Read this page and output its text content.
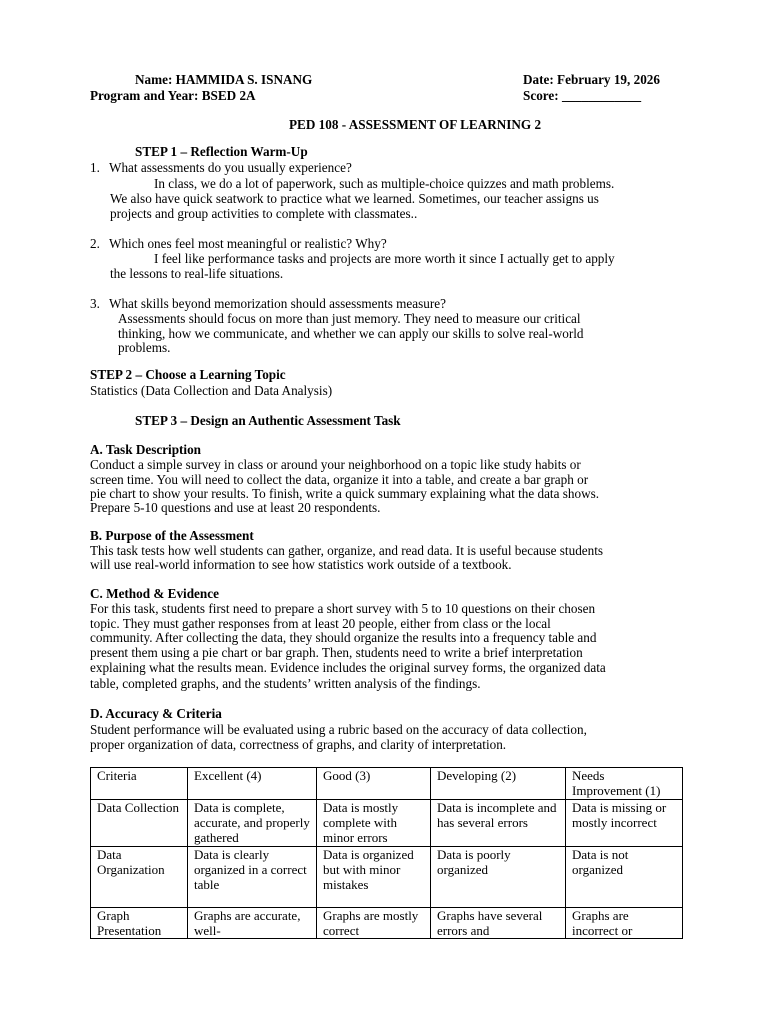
Name: HAMMIDA S. ISNANG	Date: February 19, 2026
Program and Year: BSED 2A	Score: ____________
PED 108 - ASSESSMENT OF LEARNING 2
STEP 1 – Reflection Warm-Up
1. What assessments do you usually experience?
In class, we do a lot of paperwork, such as multiple-choice quizzes and math problems.
We also have quick seatwork to practice what we learned. Sometimes, our teacher assigns us
projects and group activities to complete with classmates..
2. Which ones feel most meaningful or realistic? Why?
I feel like performance tasks and projects are more worth it since I actually get to apply
the lessons to real-life situations.
3. What skills beyond memorization should assessments measure?
Assessments should focus on more than just memory. They need to measure our critical
thinking, how we communicate, and whether we can apply our skills to solve real-world
problems.
STEP 2 – Choose a Learning Topic
Statistics (Data Collection and Data Analysis)
STEP 3 – Design an Authentic Assessment Task
A. Task Description
Conduct a simple survey in class or around your neighborhood on a topic like study habits or
screen time. You will need to collect the data, organize it into a table, and create a bar graph or
pie chart to show your results. To finish, write a quick summary explaining what the data shows.
Prepare 5-10 questions and use at least 20 respondents.
B. Purpose of the Assessment
This task tests how well students can gather, organize, and read data. It is useful because students
will use real-world information to see how statistics work outside of a textbook.
C. Method & Evidence
For this task, students first need to prepare a short survey with 5 to 10 questions on their chosen
topic. They must gather responses from at least 20 people, either from class or the local
community. After collecting the data, they should organize the results into a frequency table and
present them using a pie chart or bar graph. Then, students need to write a brief interpretation
explaining what the results mean. Evidence includes the original survey forms, the organized data
table, completed graphs, and the students’ written analysis of the findings.
D. Accuracy & Criteria
Student performance will be evaluated using a rubric based on the accuracy of data collection,
proper organization of data, correctness of graphs, and clarity of interpretation.
Criteria	Excellent (4)	Good (3)	Developing (2)	Needs Improvement (1)
Data Collection	Data is complete, accurate, and properly gathered	Data is mostly complete with minor errors	Data is incomplete and has several errors	Data is missing or mostly incorrect
Data Organization	Data is clearly organized in a correct table	Data is organized but with minor mistakes	Data is poorly organized	Data is not organized
Graph Presentation	Graphs are accurate, well-	Graphs are mostly correct	Graphs have several errors and	Graphs are incorrect or
